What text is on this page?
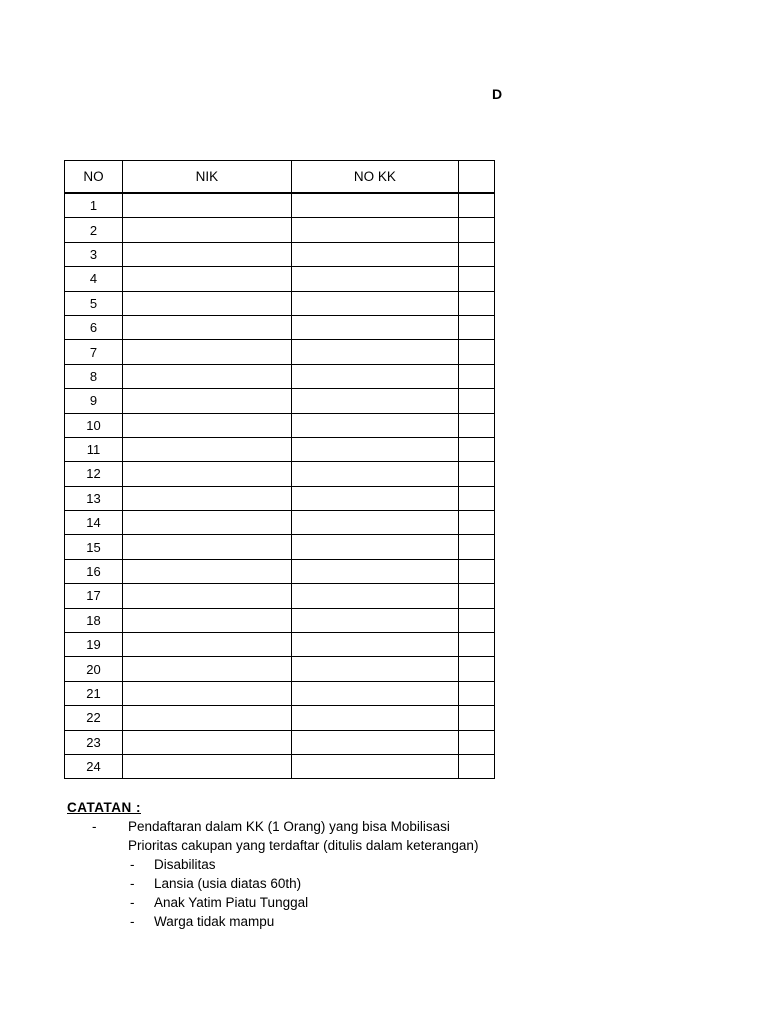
D
NO	NIK	NO KK	
1			
2			
3			
4			
5			
6			
7			
8			
9			
10			
11			
12			
13			
14			
15			
16			
17			
18			
19			
20			
21			
22			
23			
24			
CATATAN :
- Pendaftaran dalam KK (1 Orang) yang bisa Mobilisasi
Prioritas cakupan yang terdaftar (ditulis dalam keterangan)
- Disabilitas
- Lansia (usia diatas 60th)
- Anak Yatim Piatu Tunggal
- Warga tidak mampu
